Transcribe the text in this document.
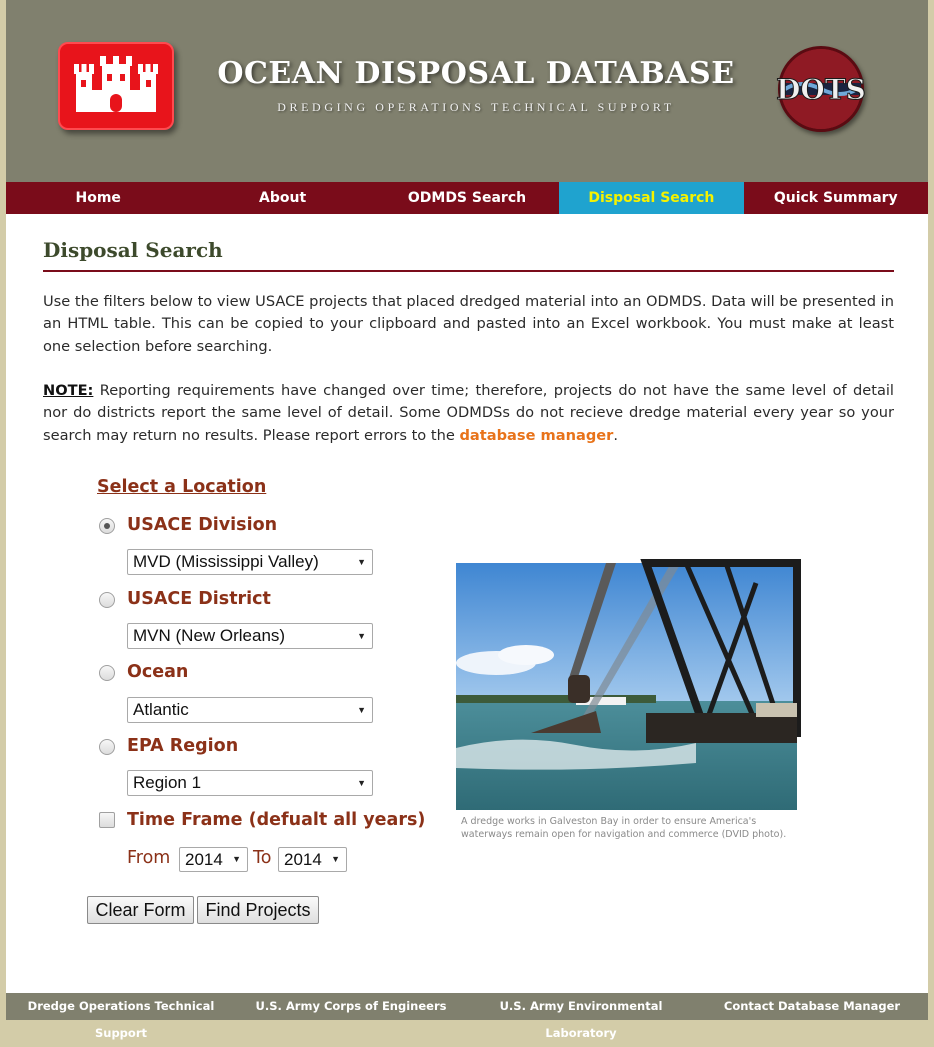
OCEAN DISPOSAL DATABASE
DREDGING OPERATIONS TECHNICAL SUPPORT
DOTS
Home	About	ODMDS Search	Disposal Search	Quick Summary
Disposal Search

Use the filters below to view USACE projects that placed dredged material into an ODMDS. Data will be presented in an HTML table. This can be copied to your clipboard and pasted into an Excel workbook. You must make at least one selection before searching.

NOTE: Reporting requirements have changed over time; therefore, projects do not have the same level of detail nor do districts report the same level of detail. Some ODMDSs do not recieve dredge material every year so your search may return no results. Please report errors to the database manager.

Select a Location
USACE Division
MVD (Mississippi Valley)	▼
USACE District
MVN (New Orleans)	▼
Ocean
Atlantic	▼
EPA Region
Region 1	▼
Time Frame (defualt all years)
From 2014 ▼ To 2014 ▼
Clear Form	Find Projects
A dredge works in Galveston Bay in order to ensure America's waterways remain open for navigation and commerce (DVID photo).
Dredge Operations Technical Support
U.S. Army Corps of Engineers	U.S. Army Environmental Laboratory
Contact Database Manager
